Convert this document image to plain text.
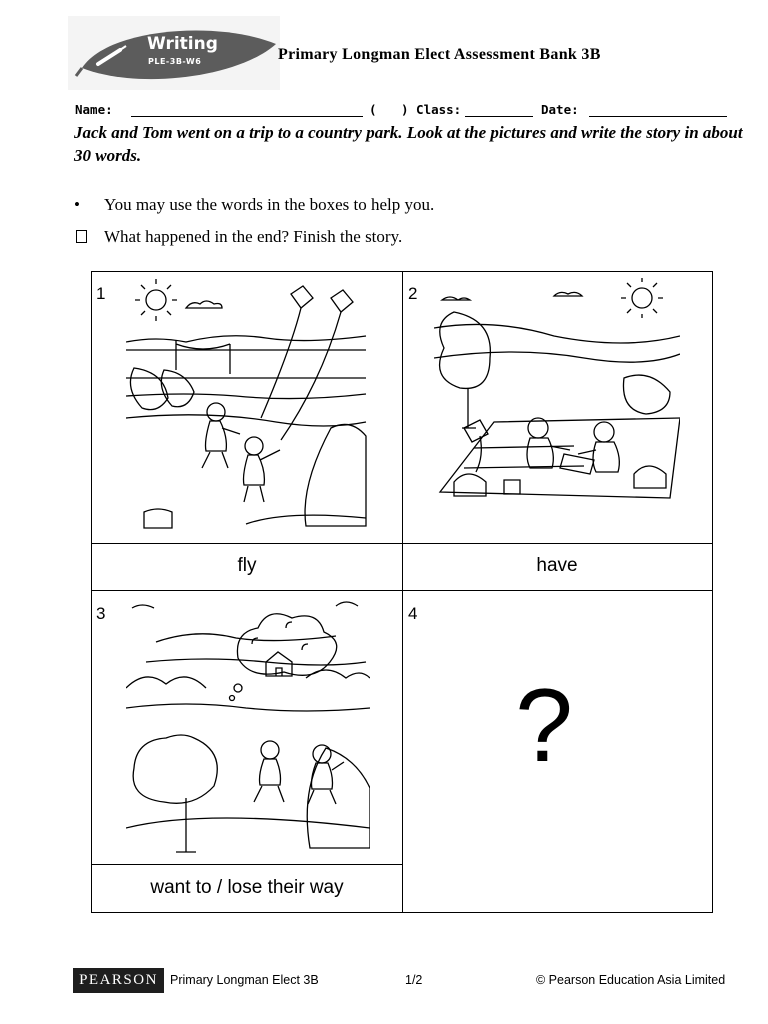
Writing
PLE-3B-W6	Primary Longman Elect Assessment Bank 3B
Name:	( ) Class:	Date:
Jack and Tom went on a trip to a country park. Look at the pictures and write the story in about 30 words.
• You may use the words in the boxes to help you.
What happened in the end? Finish the story.
1
fly
2
have
3
want to / lose their way
4
?
PEARSON Primary Longman Elect 3B	1/2	© Pearson Education Asia Limited
